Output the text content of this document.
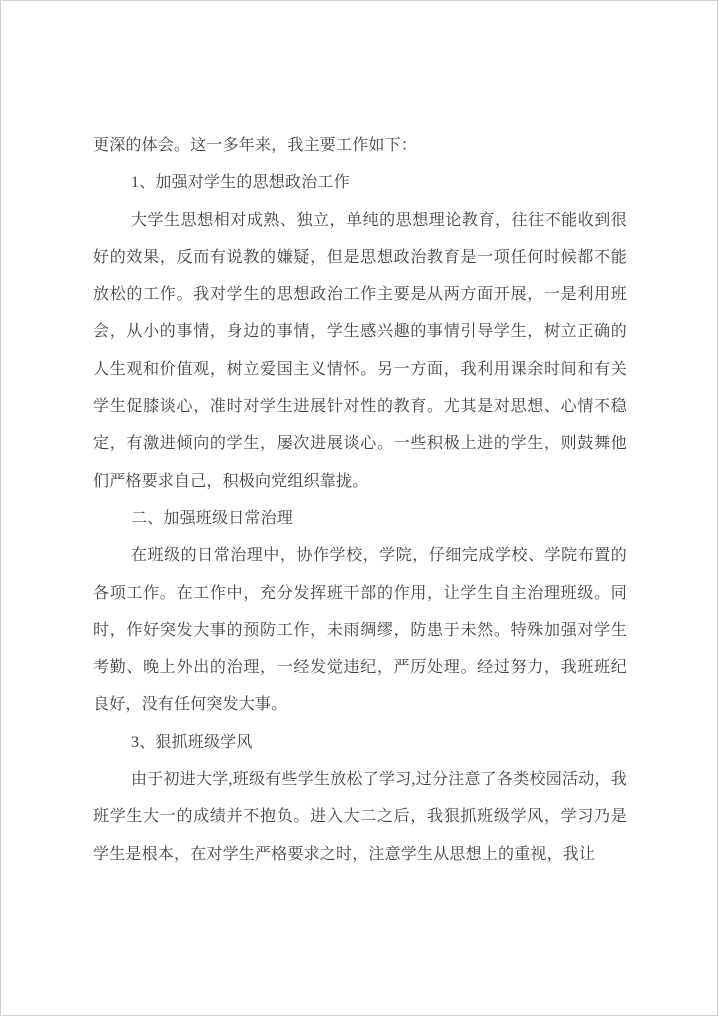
更深的体会。这一多年来，我主要工作如下：

1、加强对学生的思想政治工作

大学生思想相对成熟、独立，单纯的思想理论教育，往往不能收到很好的效果，反而有说教的嫌疑，但是思想政治教育是一项任何时候都不能放松的工作。我对学生的思想政治工作主要是从两方面开展，一是利用班会，从小的事情，身边的事情，学生感兴趣的事情引导学生，树立正确的人生观和价值观，树立爱国主义情怀。另一方面，我利用课余时间和有关学生促膝谈心，准时对学生进展针对性的教育。尤其是对思想、心情不稳定，有激进倾向的学生，屡次进展谈心。一些积极上进的学生，则鼓舞他们严格要求自己，积极向党组织靠拢。

二、加强班级日常治理

在班级的日常治理中，协作学校，学院，仔细完成学校、学院布置的各项工作。在工作中，充分发挥班干部的作用，让学生自主治理班级。同时，作好突发大事的预防工作，未雨绸缪，防患于未然。特殊加强对学生考勤、晚上外出的治理，一经发觉违纪，严厉处理。经过努力，我班班纪良好，没有任何突发大事。

3、狠抓班级学风

由于初进大学,班级有些学生放松了学习,过分注意了各类校园活动，我班学生大一的成绩并不抱负。进入大二之后，我狠抓班级学风，学习乃是学生是根本，在对学生严格要求之时，注意学生从思想上的重视，我让
